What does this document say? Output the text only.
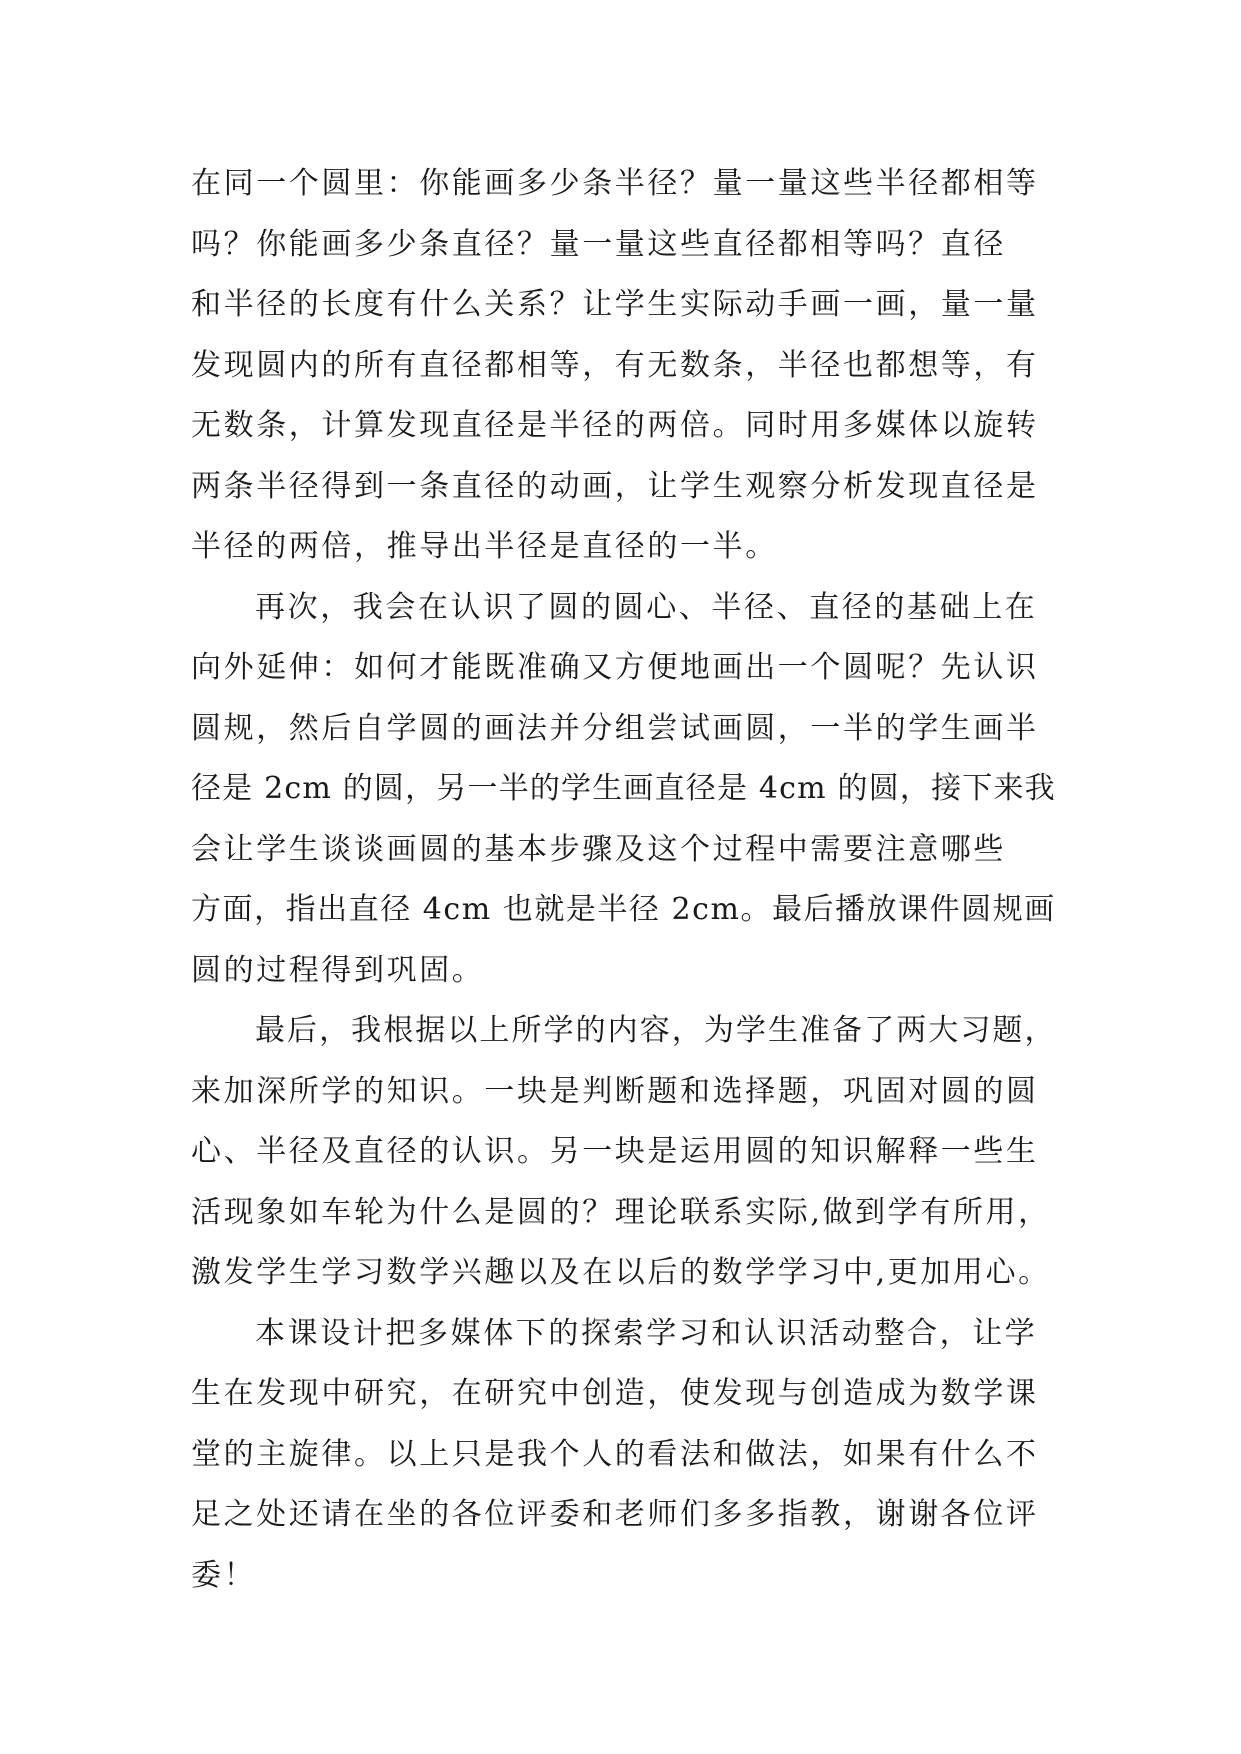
在同一个圆里：你能画多少条半径？量一量这些半径都相等
吗？你能画多少条直径？量一量这些直径都相等吗？直径
和半径的长度有什么关系？让学生实际动手画一画，量一量
发现圆内的所有直径都相等，有无数条，半径也都想等，有
无数条，计算发现直径是半径的两倍。同时用多媒体以旋转
两条半径得到一条直径的动画，让学生观察分析发现直径是
半径的两倍，推导出半径是直径的一半。
再次，我会在认识了圆的圆心、半径、直径的基础上在
向外延伸：如何才能既准确又方便地画出一个圆呢？先认识
圆规，然后自学圆的画法并分组尝试画圆，一半的学生画半
径是 2cm 的圆，另一半的学生画直径是 4cm 的圆，接下来我
会让学生谈谈画圆的基本步骤及这个过程中需要注意哪些
方面，指出直径 4cm 也就是半径 2cm。最后播放课件圆规画
圆的过程得到巩固。
最后，我根据以上所学的内容，为学生准备了两大习题，
来加深所学的知识。一块是判断题和选择题，巩固对圆的圆
心、半径及直径的认识。另一块是运用圆的知识解释一些生
活现象如车轮为什么是圆的？理论联系实际,做到学有所用，
激发学生学习数学兴趣以及在以后的数学学习中,更加用心。
本课设计把多媒体下的探索学习和认识活动整合，让学
生在发现中研究，在研究中创造，使发现与创造成为数学课
堂的主旋律。以上只是我个人的看法和做法，如果有什么不
足之处还请在坐的各位评委和老师们多多指教，谢谢各位评
委！
